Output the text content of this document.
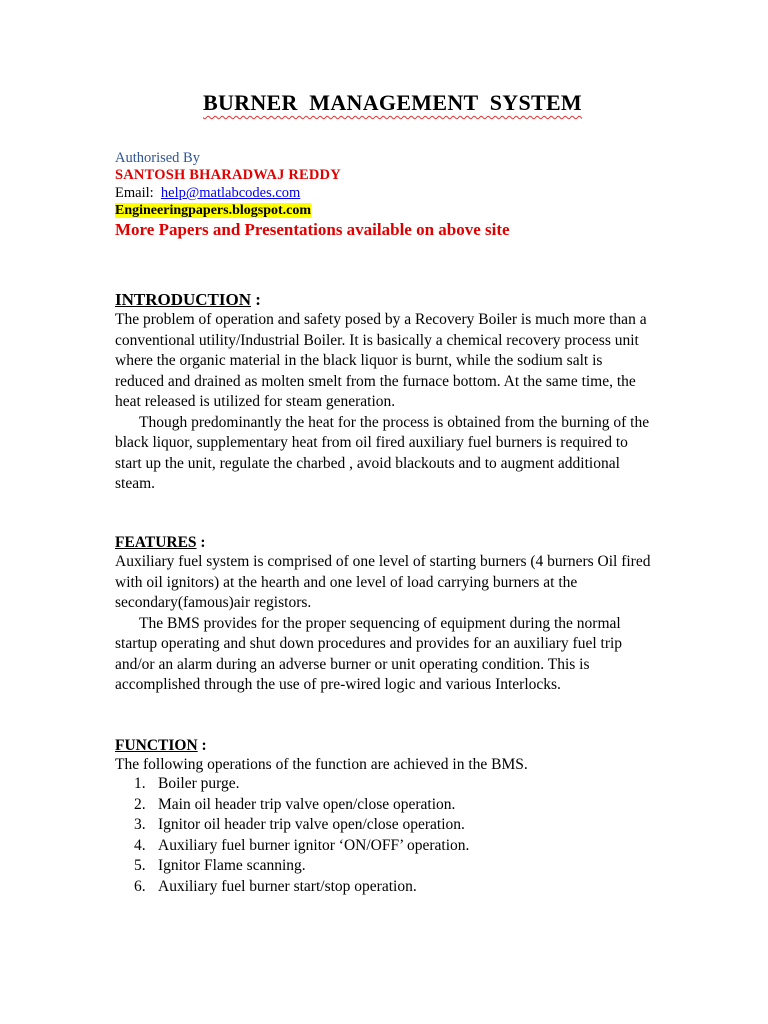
BURNER  MANAGEMENT  SYSTEM
Authorised By
SANTOSH BHARADWAJ REDDY
Email:  help@matlabcodes.com
Engineeringpapers.blogspot.com
More Papers and Presentations available on above site
INTRODUCTION :

The problem of operation and safety posed by a Recovery Boiler is much more than a conventional utility/Industrial Boiler. It is basically a chemical recovery process unit where the organic material in the black liquor is burnt, while the sodium salt is reduced and drained as molten smelt from the furnace bottom. At the same time, the heat released is utilized for steam generation.

Though predominantly the heat for the process is obtained from the burning of the black liquor, supplementary heat from oil fired auxiliary fuel burners is required to start up the unit, regulate the charbed , avoid blackouts and to augment additional steam.

FEATURES :

Auxiliary fuel system is comprised of one level of starting burners (4 burners Oil fired with oil ignitors) at the hearth and one level of load carrying burners at the secondary(famous)air registors.

The BMS provides for the proper sequencing of equipment during the normal startup operating and shut down procedures and provides for an auxiliary fuel trip and/or an alarm during an adverse burner or unit operating condition. This is accomplished through the use of pre-wired logic and various Interlocks.

FUNCTION :
The following operations of the function are achieved in the BMS.
1. Boiler purge.
2. Main oil header trip valve open/close operation.
3. Ignitor oil header trip valve open/close operation.
4. Auxiliary fuel burner ignitor ‘ON/OFF’ operation.
5. Ignitor Flame scanning.
6. Auxiliary fuel burner start/stop operation.
